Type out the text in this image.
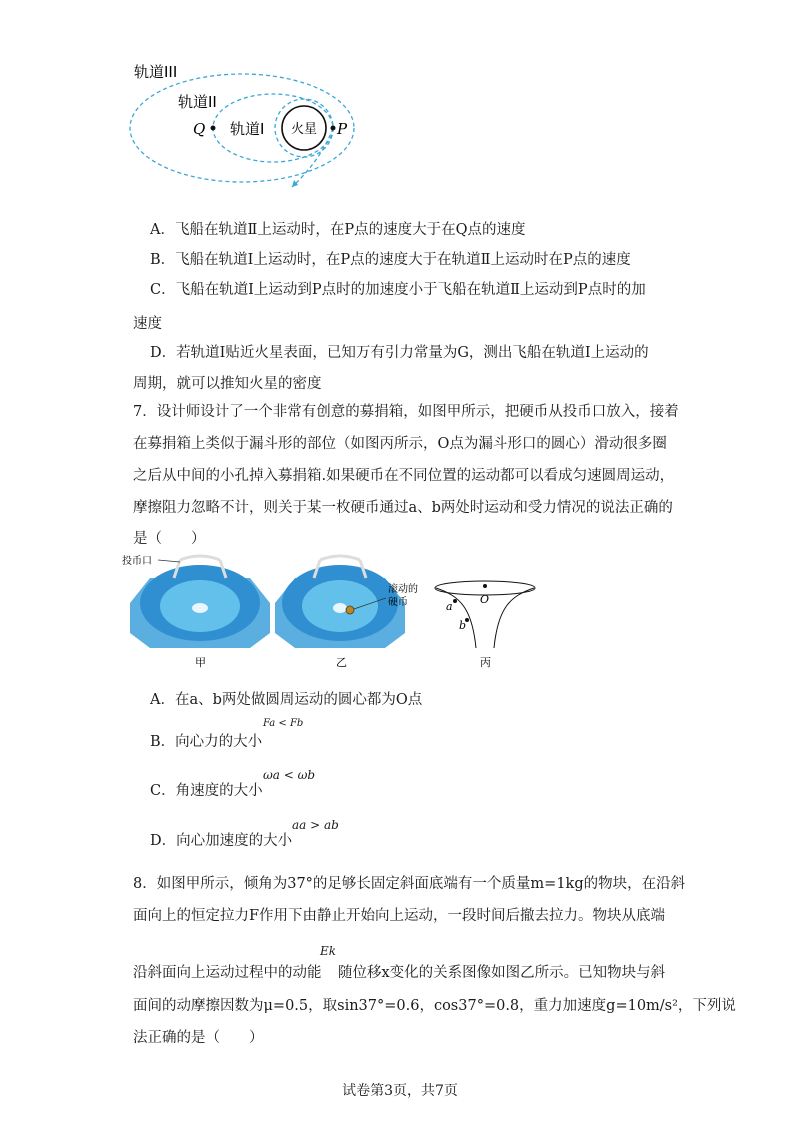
火星
Q	P
轨道III
轨道II
轨道I
A．飞船在轨道Ⅱ上运动时，在P点的速度大于在Q点的速度
B．飞船在轨道Ⅰ上运动时，在P点的速度大于在轨道Ⅱ上运动时在P点的速度
C．飞船在轨道Ⅰ上运动到P点时的加速度小于飞船在轨道Ⅱ上运动到P点时的加
速度
D．若轨道Ⅰ贴近火星表面，已知万有引力常量为G，测出飞船在轨道Ⅰ上运动的
周期，就可以推知火星的密度
7．设计师设计了一个非常有创意的募捐箱，如图甲所示，把硬币从投币口放入，接着
在募捐箱上类似于漏斗形的部位（如图丙所示，O点为漏斗形口的圆心）滑动很多圈
之后从中间的小孔掉入募捐箱.如果硬币在不同位置的运动都可以看成匀速圆周运动，
摩擦阻力忽略不计，则关于某一枚硬币通过a、b两处时运动和受力情况的说法正确的
是（　　）
投币口
甲
滚动的
硬币
乙
O
a
b
丙
A．在a、b两处做圆周运动的圆心都为O点
B．向心力的大小
Fa < Fb
C．角速度的大小
ωa < ωb
D．向心加速度的大小
aa > ab
8．如图甲所示，倾角为37°的足够长固定斜面底端有一个质量m=1kg的物块，在沿斜
面向上的恒定拉力F作用下由静止开始向上运动，一段时间后撤去拉力。物块从底端
沿斜面向上运动过程中的动能
Ek
随位移x变化的关系图像如图乙所示。已知物块与斜
面间的动摩擦因数为μ=0.5，取sin37°=0.6，cos37°=0.8，重力加速度g=10m/s²，下列说
法正确的是（　　）
试卷第3页，共7页
